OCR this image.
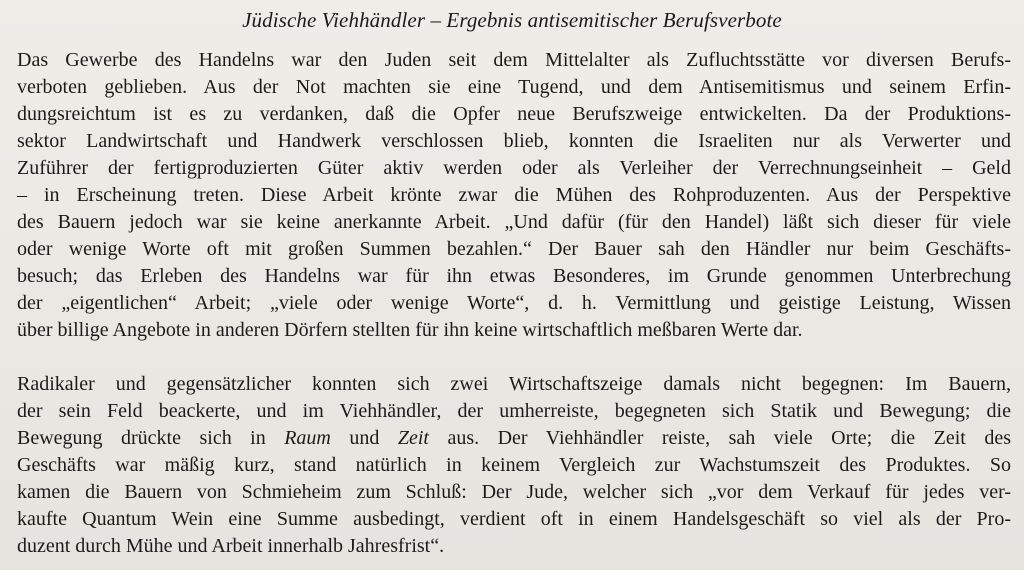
Jüdische Viehhändler – Ergebnis antisemitischer Berufsverbote
Das Gewerbe des Handelns war den Juden seit dem Mittelalter als Zufluchtsstätte vor diversen Berufs-
verboten geblieben. Aus der Not machten sie eine Tugend, und dem Antisemitismus und seinem Erfin-
dungsreichtum ist es zu verdanken, daß die Opfer neue Berufszweige entwickelten. Da der Produktions-
sektor Landwirtschaft und Handwerk verschlossen blieb, konnten die Israeliten nur als Verwerter und
Zuführer der fertigproduzierten Güter aktiv werden oder als Verleiher der Verrechnungseinheit – Geld
– in Erscheinung treten. Diese Arbeit krönte zwar die Mühen des Rohproduzenten. Aus der Perspektive
des Bauern jedoch war sie keine anerkannte Arbeit. „Und dafür (für den Handel) läßt sich dieser für viele
oder wenige Worte oft mit großen Summen bezahlen.“ Der Bauer sah den Händler nur beim Geschäfts-
besuch; das Erleben des Handelns war für ihn etwas Besonderes, im Grunde genommen Unterbrechung
der „eigentlichen“ Arbeit; „viele oder wenige Worte“, d. h. Vermittlung und geistige Leistung, Wissen
über billige Angebote in anderen Dörfern stellten für ihn keine wirtschaftlich meßbaren Werte dar.
Radikaler und gegensätzlicher konnten sich zwei Wirtschaftszeige damals nicht begegnen: Im Bauern,
der sein Feld beackerte, und im Viehhändler, der umherreiste, begegneten sich Statik und Bewegung; die
Bewegung drückte sich in Raum und Zeit aus. Der Viehhändler reiste, sah viele Orte; die Zeit des
Geschäfts war mäßig kurz, stand natürlich in keinem Vergleich zur Wachstumszeit des Produktes. So
kamen die Bauern von Schmieheim zum Schluß: Der Jude, welcher sich „vor dem Verkauf für jedes ver-
kaufte Quantum Wein eine Summe ausbedingt, verdient oft in einem Handelsgeschäft so viel als der Pro-
duzent durch Mühe und Arbeit innerhalb Jahresfrist“.
